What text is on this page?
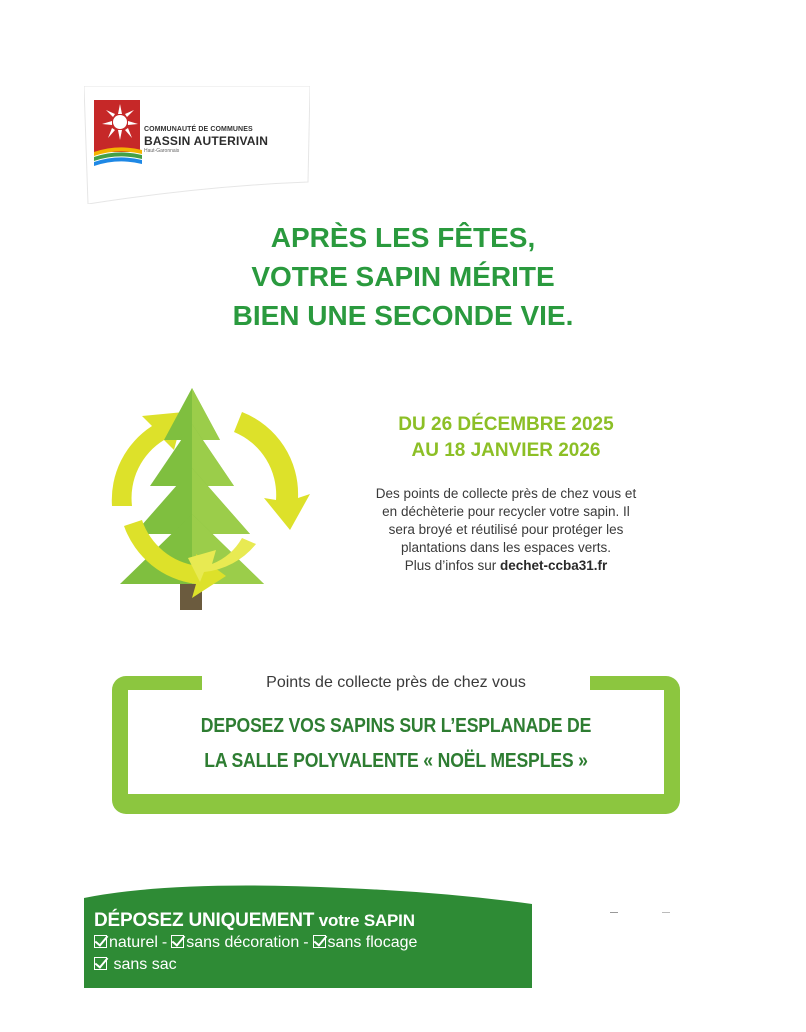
COMMUNAUTÉ DE COMMUNES
BASSIN AUTERIVAIN
Haut-Garonnais
APRÈS LES FÊTES,
VOTRE SAPIN MÉRITE
BIEN UNE SECONDE VIE.
DU 26 DÉCEMBRE 2025
AU 18 JANVIER 2026
Des points de collecte près de chez vous et
en déchèterie pour recycler votre sapin. Il
sera broyé et réutilisé pour protéger les
plantations dans les espaces verts.
Plus d’infos sur dechet-ccba31.fr
Points de collecte près de chez vous
DEPOSEZ VOS SAPINS SUR L’ESPLANADE DE
LA SALLE POLYVALENTE « NOËL MESPLES »
DÉPOSEZ UNIQUEMENT votre SAPIN
naturel - sans décoration - sans flocage
sans sac
